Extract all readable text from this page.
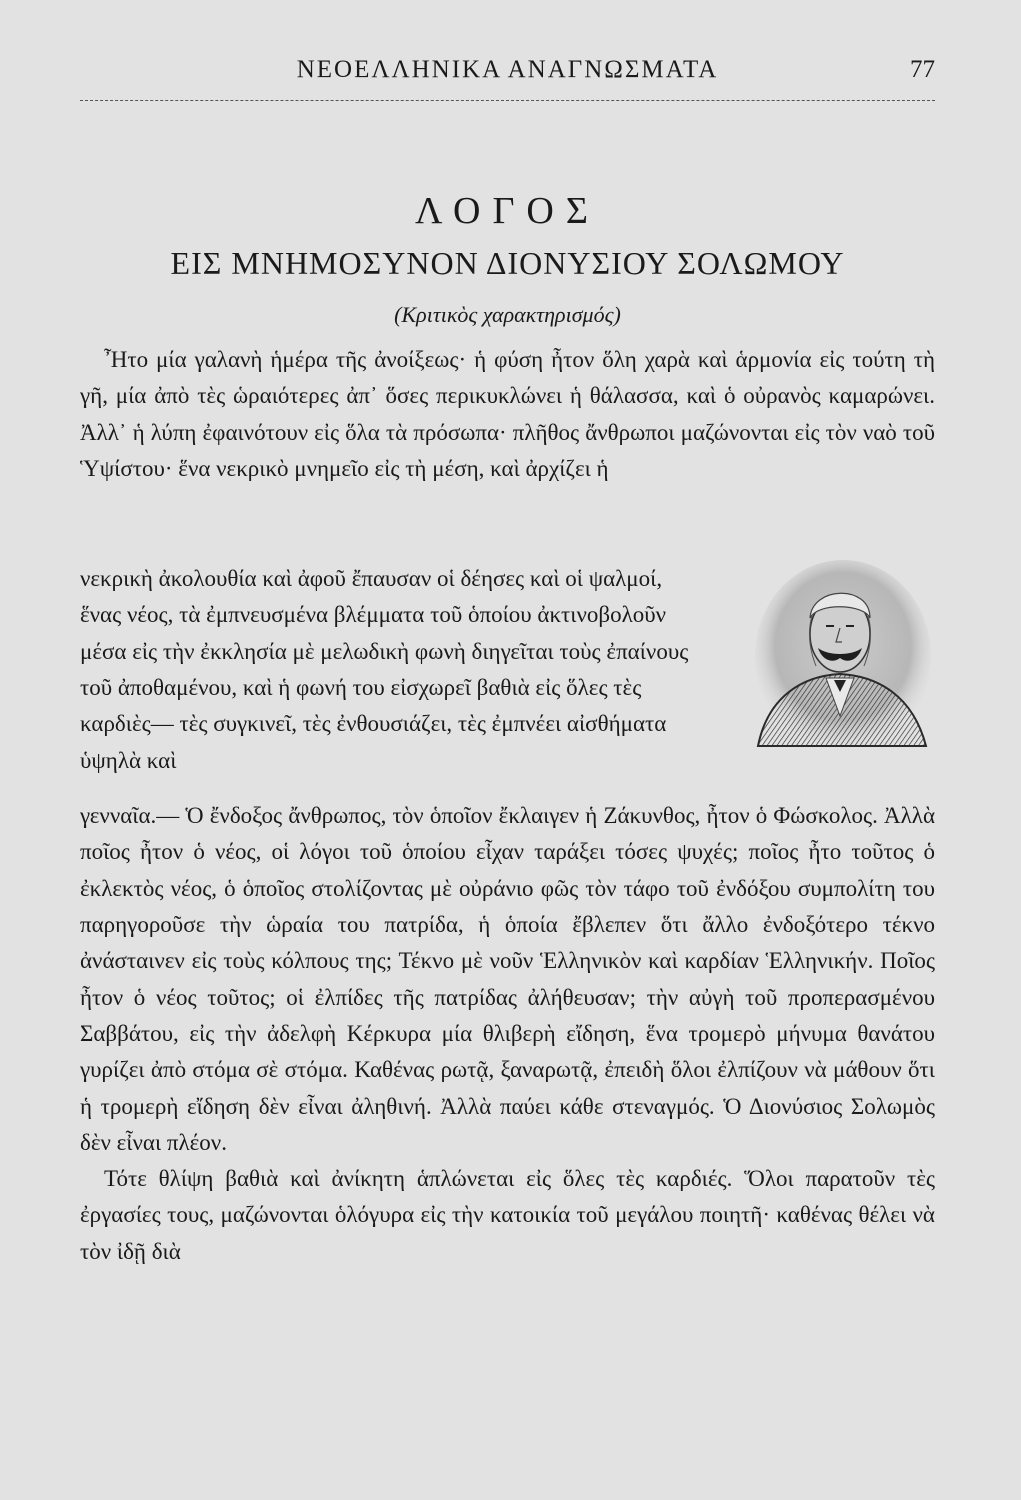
ΝΕΟΕΛΛΗΝΙΚΑ ΑΝΑΓΝΩΣΜΑΤΑ	77
ΛΟΓΟΣ
ΕΙΣ ΜΝΗΜΟΣΥΝΟΝ ΔΙΟΝΥΣΙΟΥ ΣΟΛΩΜΟΥ
(Κριτικὸς χαρακτηρισμός)

Ἦτο μία γαλανὴ ἡμέρα τῆς ἀνοίξεως· ἡ φύση ἦτον ὅλη χαρὰ καὶ ἁρμονία εἰς τούτη τὴ γῆ, μία ἀπὸ τὲς ὡραιότερες ἀπ᾿ ὅσες περικυκλώνει ἡ θάλασσα, καὶ ὁ οὐρανὸς καμαρώνει. Ἀλλ᾿ ἡ λύπη ἐφαινότουν εἰς ὅλα τὰ πρόσωπα· πλῆθος ἄνθρωποι μαζώνονται εἰς τὸν ναὸ τοῦ Ὑψίστου· ἕνα νεκρικὸ μνημεῖο εἰς τὴ μέση, καὶ ἀρχίζει ἡ

νεκρικὴ ἀκολουθία καὶ ἀφοῦ ἔπαυσαν οἱ δέησες καὶ οἱ ψαλμοί, ἕνας νέος, τὰ ἐμπνευσμένα βλέμματα τοῦ ὁποίου ἀκτινοβολοῦν μέσα εἰς τὴν ἐκκλησία μὲ μελωδικὴ φωνὴ διηγεῖται τοὺς ἐπαίνους τοῦ ἀποθαμένου, καὶ ἡ φωνή του εἰσχωρεῖ βαθιὰ εἰς ὅλες τὲς καρδιὲς— τὲς συγκινεῖ, τὲς ἐνθουσιάζει, τὲς ἐμπνέει αἰσθήματα ὑψηλὰ καὶ

γενναῖα.— Ὁ ἔνδοξος ἄνθρωπος, τὸν ὁποῖον ἔκλαιγεν ἡ Ζάκυνθος, ἦτον ὁ Φώσκολος. Ἀλλὰ ποῖος ἦτον ὁ νέος, οἱ λόγοι τοῦ ὁποίου εἶχαν ταράξει τόσες ψυχές; ποῖος ἦτο τοῦτος ὁ ἐκλεκτὸς νέος, ὁ ὁποῖος στολίζοντας μὲ οὐράνιο φῶς τὸν τάφο τοῦ ἐνδόξου συμπολίτη του παρηγοροῦσε τὴν ὡραία του πατρίδα, ἡ ὁποία ἔβλεπεν ὅτι ἄλλο ἐνδοξότερο τέκνο ἀνάσταινεν εἰς τοὺς κόλπους της; Τέκνο μὲ νοῦν Ἑλληνικὸν καὶ καρδίαν Ἑλληνικήν. Ποῖος ἦτον ὁ νέος τοῦτος; οἱ ἐλπίδες τῆς πατρίδας ἀλήθευσαν; τὴν αὐγὴ τοῦ προπερασμένου Σαββάτου, εἰς τὴν ἀδελφὴ Κέρκυρα μία θλιβερὴ εἴδηση, ἕνα τρομερὸ μήνυμα θανάτου γυρίζει ἀπὸ στόμα σὲ στόμα. Καθένας ρωτᾷ, ξαναρωτᾷ, ἐπειδὴ ὅλοι ἐλπίζουν νὰ μάθουν ὅτι ἡ τρομερὴ εἴδηση δὲν εἶναι ἀληθινή. Ἀλλὰ παύει κάθε στεναγμός. Ὁ Διονύσιος Σολωμὸς δὲν εἶναι πλέον.

Τότε θλίψη βαθιὰ καὶ ἀνίκητη ἁπλώνεται εἰς ὅλες τὲς καρδιές. Ὅλοι παρατοῦν τὲς ἐργασίες τους, μαζώνονται ὁλόγυρα εἰς τὴν κατοικία τοῦ μεγάλου ποιητῆ· καθένας θέλει νὰ τὸν ἰδῇ διὰ
